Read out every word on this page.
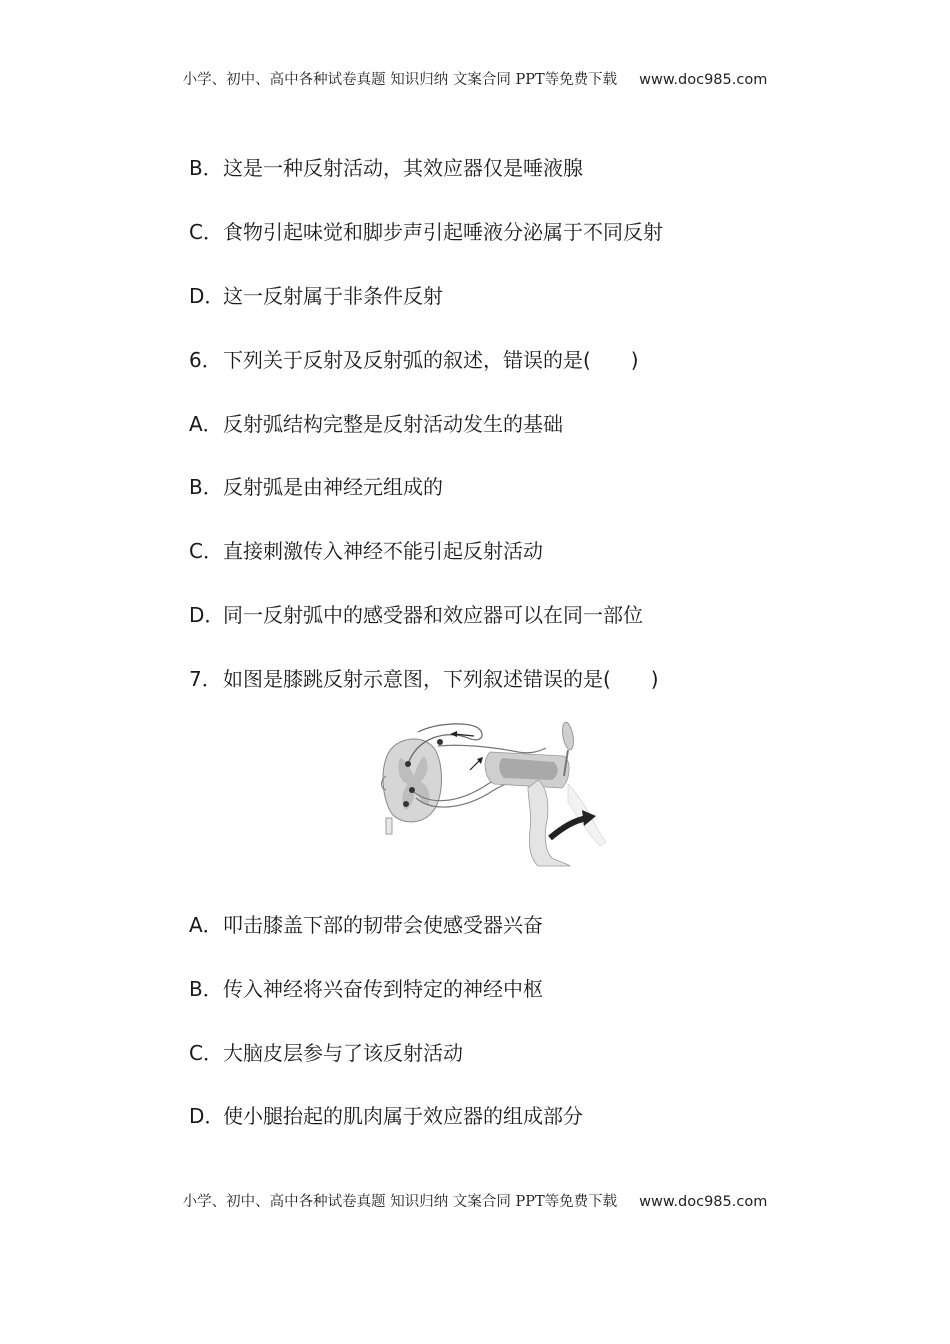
小学、初中、高中各种试卷真题 知识归纳 文案合同 PPT等免费下载 www.doc985.com
B．这是一种反射活动，其效应器仅是唾液腺
C．食物引起味觉和脚步声引起唾液分泌属于不同反射
D．这一反射属于非条件反射
6．下列关于反射及反射弧的叙述，错误的是(　　)
A．反射弧结构完整是反射活动发生的基础
B．反射弧是由神经元组成的
C．直接刺激传入神经不能引起反射活动
D．同一反射弧中的感受器和效应器可以在同一部位
7．如图是膝跳反射示意图，下列叙述错误的是(　　)
A．叩击膝盖下部的韧带会使感受器兴奋
B．传入神经将兴奋传到特定的神经中枢
C．大脑皮层参与了该反射活动
D．使小腿抬起的肌肉属于效应器的组成部分
小学、初中、高中各种试卷真题 知识归纳 文案合同 PPT等免费下载 www.doc985.com
